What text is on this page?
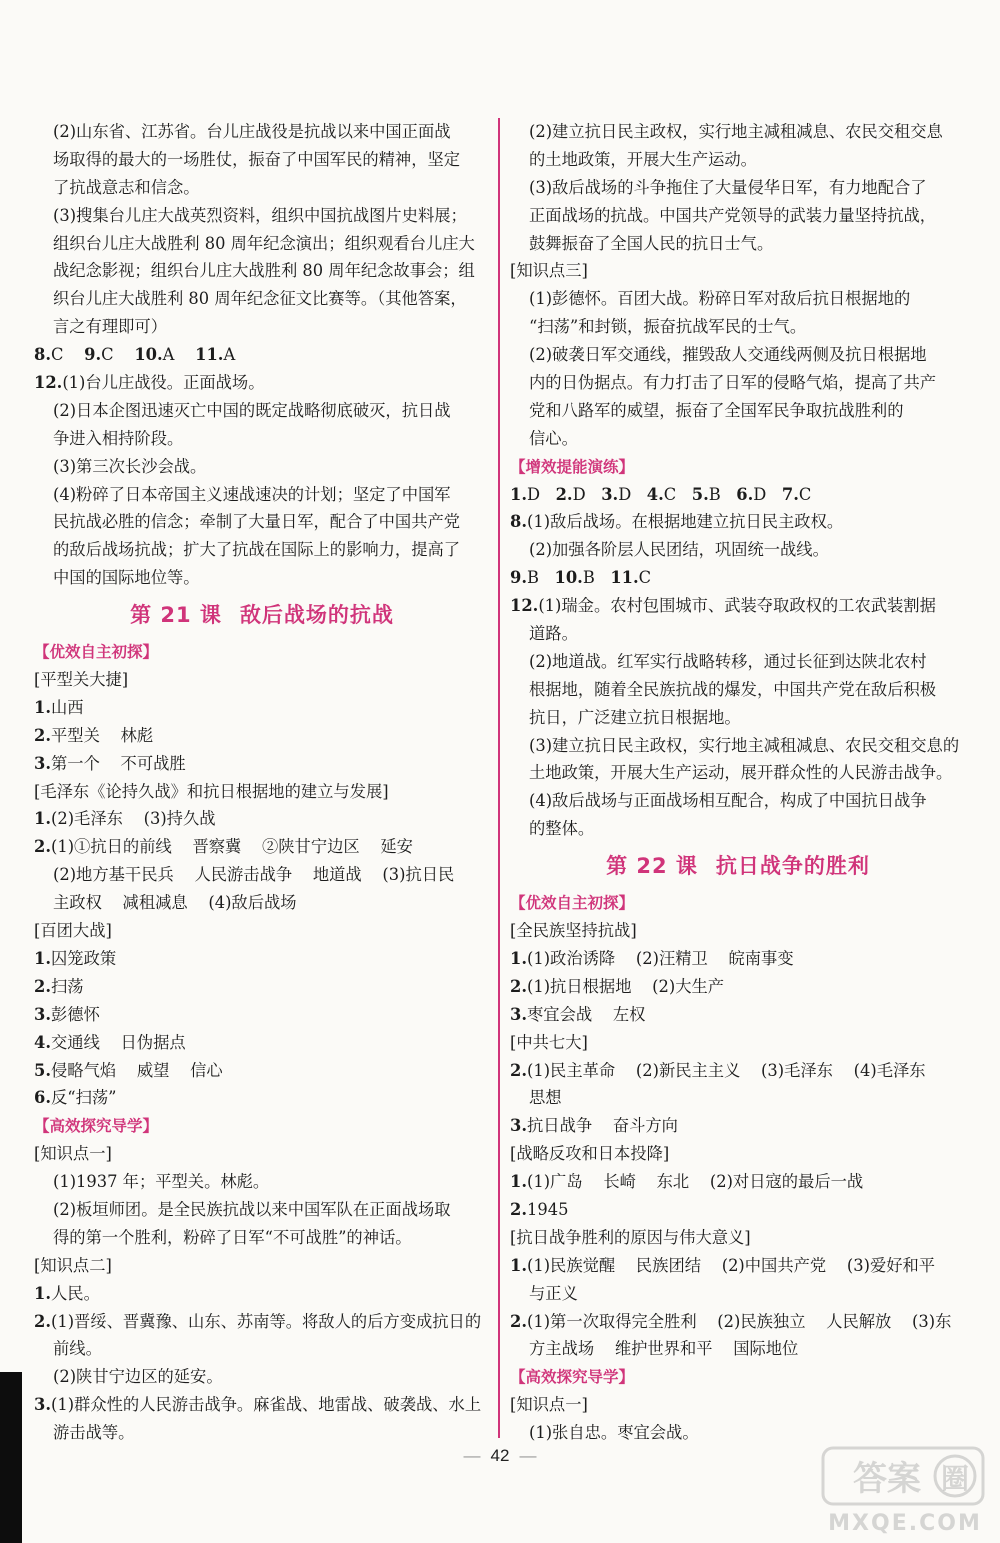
(2)山东省、江苏省。台儿庄战役是抗战以来中国正面战
场取得的最大的一场胜仗，振奋了中国军民的精神，坚定
了抗战意志和信念。
(3)搜集台儿庄大战英烈资料，组织中国抗战图片史料展；
组织台儿庄大战胜利 80 周年纪念演出；组织观看台儿庄大
战纪念影视；组织台儿庄大战胜利 80 周年纪念故事会；组
织台儿庄大战胜利 80 周年纪念征文比赛等。（其他答案，
言之有理即可）
8.C    9.C    10.A    11.A
12.(1)台儿庄战役。正面战场。
(2)日本企图迅速灭亡中国的既定战略彻底破灭，抗日战
争进入相持阶段。
(3)第三次长沙会战。
(4)粉碎了日本帝国主义速战速决的计划；坚定了中国军
民抗战必胜的信念；牵制了大量日军，配合了中国共产党
的敌后战场抗战；扩大了抗战在国际上的影响力，提高了
中国的国际地位等。
第 21 课 敌后战场的抗战
【优效自主初探】
[平型关大捷]
1.山西
2.平型关    林彪
3.第一个    不可战胜
[毛泽东《论持久战》和抗日根据地的建立与发展]
1.(2)毛泽东    (3)持久战
2.(1)①抗日的前线    晋察冀    ②陕甘宁边区    延安
(2)地方基干民兵    人民游击战争    地道战    (3)抗日民
主政权    减租减息    (4)敌后战场
[百团大战]
1.囚笼政策
2.扫荡
3.彭德怀
4.交通线    日伪据点
5.侵略气焰    威望    信心
6.反“扫荡”
【高效探究导学】
[知识点一]
(1)1937 年；平型关。林彪。
(2)板垣师团。是全民族抗战以来中国军队在正面战场取
得的第一个胜利，粉碎了日军“不可战胜”的神话。
[知识点二]
1.人民。
2.(1)晋绥、晋冀豫、山东、苏南等。将敌人的后方变成抗日的
前线。
(2)陕甘宁边区的延安。
3.(1)群众性的人民游击战争。麻雀战、地雷战、破袭战、水上
游击战等。
(2)建立抗日民主政权，实行地主减租减息、农民交租交息
的土地政策，开展大生产运动。
(3)敌后战场的斗争拖住了大量侵华日军，有力地配合了
正面战场的抗战。中国共产党领导的武装力量坚持抗战，
鼓舞振奋了全国人民的抗日士气。
[知识点三]
(1)彭德怀。百团大战。粉碎日军对敌后抗日根据地的
“扫荡”和封锁，振奋抗战军民的士气。
(2)破袭日军交通线，摧毁敌人交通线两侧及抗日根据地
内的日伪据点。有力打击了日军的侵略气焰，提高了共产
党和八路军的威望，振奋了全国军民争取抗战胜利的
信心。
【增效提能演练】
1.D   2.D   3.D   4.C   5.B   6.D   7.C
8.(1)敌后战场。在根据地建立抗日民主政权。
(2)加强各阶层人民团结，巩固统一战线。
9.B   10.B   11.C
12.(1)瑞金。农村包围城市、武装夺取政权的工农武装割据
道路。
(2)地道战。红军实行战略转移，通过长征到达陕北农村
根据地，随着全民族抗战的爆发，中国共产党在敌后积极
抗日，广泛建立抗日根据地。
(3)建立抗日民主政权，实行地主减租减息、农民交租交息的
土地政策，开展大生产运动，展开群众性的人民游击战争。
(4)敌后战场与正面战场相互配合，构成了中国抗日战争
的整体。
第 22 课 抗日战争的胜利
【优效自主初探】
[全民族坚持抗战]
1.(1)政治诱降    (2)汪精卫    皖南事变
2.(1)抗日根据地    (2)大生产
3.枣宜会战    左权
[中共七大]
2.(1)民主革命    (2)新民主主义    (3)毛泽东    (4)毛泽东
思想
3.抗日战争    奋斗方向
[战略反攻和日本投降]
1.(1)广岛    长崎    东北    (2)对日寇的最后一战
2.1945
[抗日战争胜利的原因与伟大意义]
1.(1)民族觉醒    民族团结    (2)中国共产党    (3)爱好和平
与正义
2.(1)第一次取得完全胜利    (2)民族独立    人民解放    (3)东
方主战场    维护世界和平    国际地位
【高效探究导学】
[知识点一]
(1)张自忠。枣宜会战。
— 42 —
答案 圈
MXQE.COM
